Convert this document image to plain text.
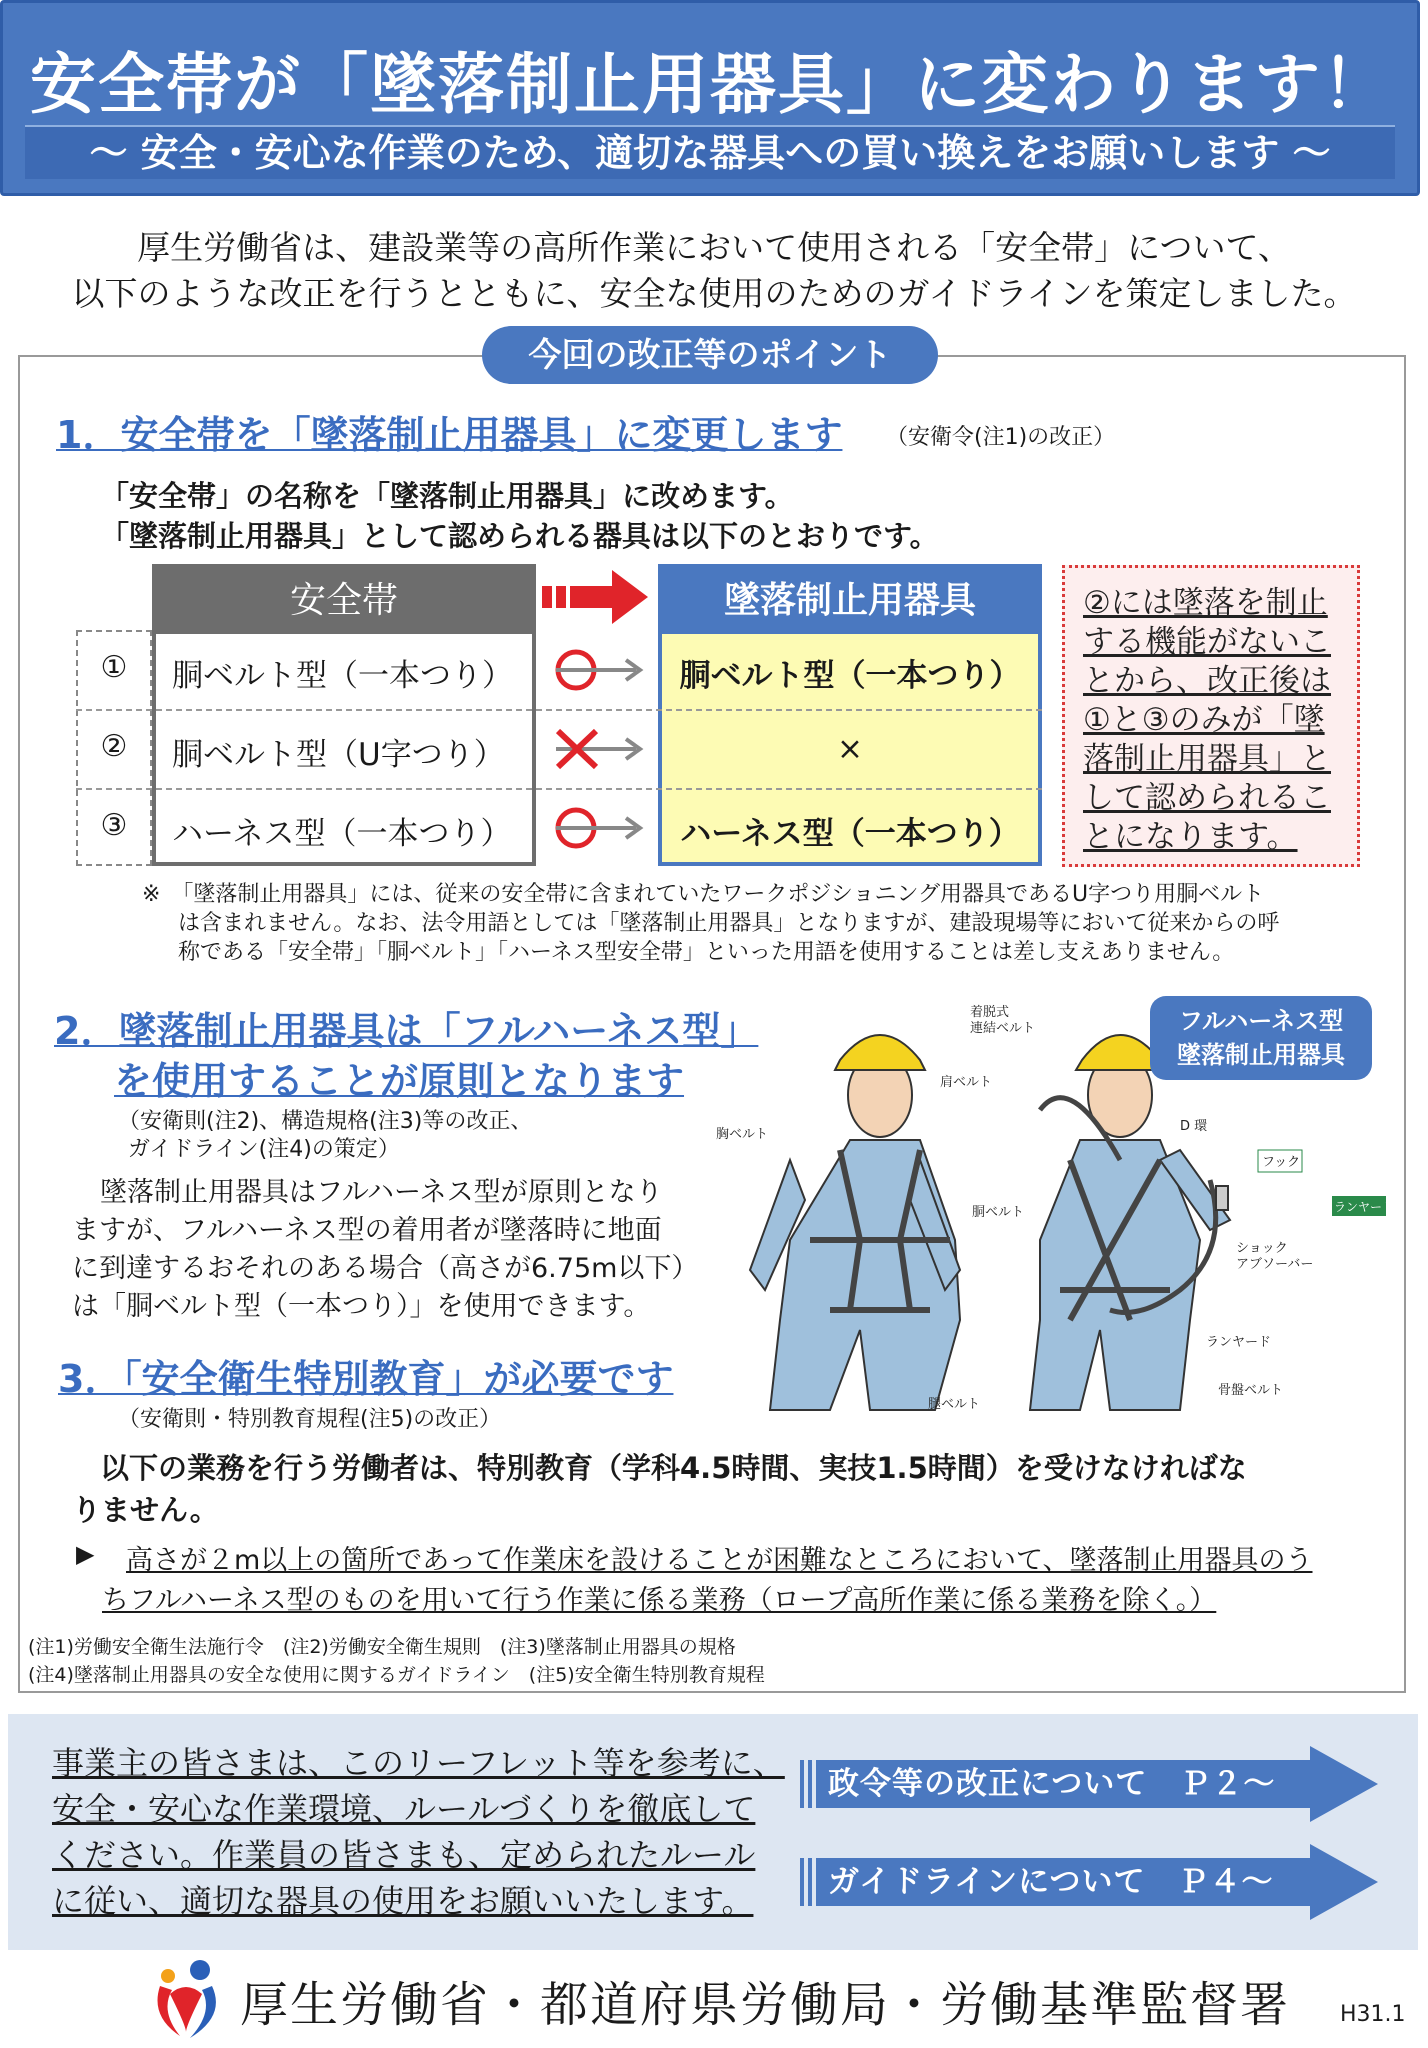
安全帯が「墜落制止用器具」に変わります！
〜 安全・安心な作業のため、適切な器具への買い換えをお願いします 〜
厚生労働省は、建設業等の高所作業において使用される「安全帯」について、
以下のような改正を行うとともに、安全な使用のためのガイドラインを策定しました。
今回の改正等のポイント
1．安全帯を「墜落制止用器具」に変更します （安衛令(注1)の改正）
「安全帯」の名称を「墜落制止用器具」に改めます。
「墜落制止用器具」として認められる器具は以下のとおりです。
安全帯	墜落制止用器具
①	胴ベルト型（一本つり）	胴ベルト型（一本つり）
②	胴ベルト型（U字つり）	×
③	ハーネス型（一本つり）	ハーネス型（一本つり）
②には墜落を制止
する機能がないこ
とから、改正後は
①と③のみが「墜
落制止用器具」と
して認められるこ
とになります。
※　「墜落制止用器具」には、従来の安全帯に含まれていたワークポジショニング用器具であるU字つり用胴ベルト
は含まれません。なお、法令用語としては「墜落制止用器具」となりますが、建設現場等において従来からの呼
称である「安全帯」「胴ベルト」「ハーネス型安全帯」といった用語を使用することは差し支えありません。
2．墜落制止用器具は「フルハーネス型」
を使用することが原則となります
（安衛則(注2)、構造規格(注3)等の改正、
ガイドライン(注4)の策定）
墜落制止用器具はフルハーネス型が原則となり
ますが、フルハーネス型の着用者が墜落時に地面
に到達するおそれのある場合（高さが6.75m以下）
は「胴ベルト型（一本つり）」を使用できます。
着脱式
連結ベルト
肩ベルト
胸ベルト
胴ベルト
腿ベルト
D 環
フック
ショック
アブソーバー
ランヤード
ランヤード
骨盤ベルト
フルハーネス型
墜落制止用器具
3．「安全衛生特別教育」が必要です
（安衛則・特別教育規程(注5)の改正）
以下の業務を行う労働者は、特別教育（学科4.5時間、実技1.5時間）を受けなければな
りません。
▶ 高さが２m以上の箇所であって作業床を設けることが困難なところにおいて、墜落制止用器具のう
ちフルハーネス型のものを用いて行う作業に係る業務（ロープ高所作業に係る業務を除く。）
(注1)労働安全衛生法施行令　(注2)労働安全衛生規則　(注3)墜落制止用器具の規格
(注4)墜落制止用器具の安全な使用に関するガイドライン　(注5)安全衛生特別教育規程
事業主の皆さまは、このリーフレット等を参考に、
安全・安心な作業環境、ルールづくりを徹底して
ください。作業員の皆さまも、定められたルール
に従い、適切な器具の使用をお願いいたします。
政令等の改正について　Ｐ２〜
ガイドラインについて　Ｐ４〜
厚生労働省・都道府県労働局・労働基準監督署 H31.1
